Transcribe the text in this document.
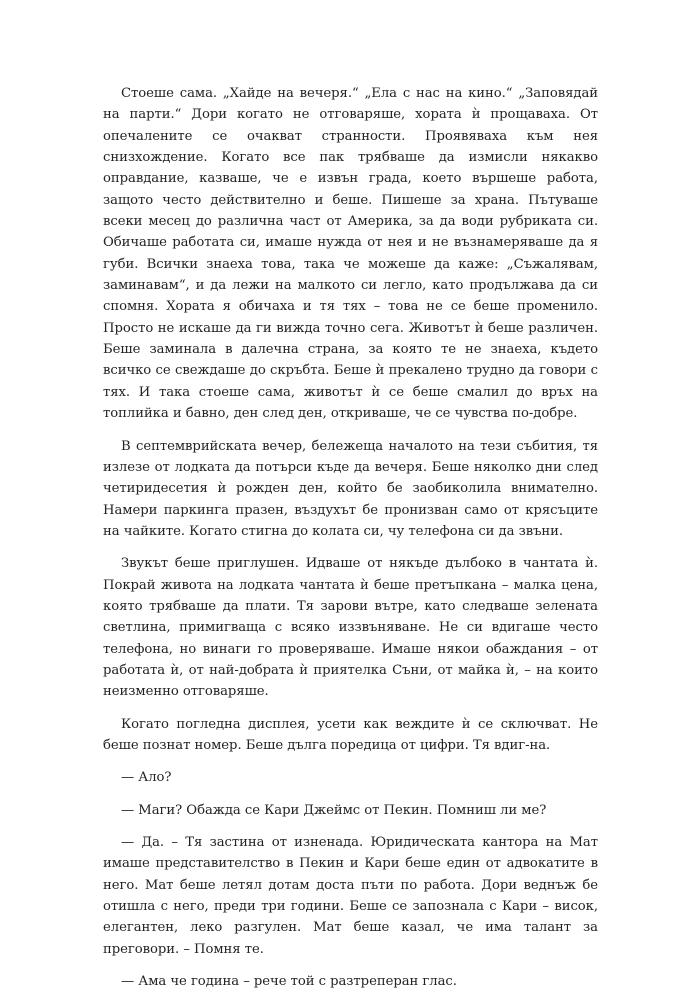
Стоеше сама. „Хайде на вечеря.“ „Ела с нас на кино.“ „Заповядай на парти.“ Дори когато не отговаряше, хората ѝ прощаваха. От опечалените се очакват странности. Проявяваха към нея снизхождение. Когато все пак трябваше да измисли някакво оправдание, казваше, че е извън града, което вършеше работа, защото често действително и беше. Пишеше за храна. Пътуваше всеки месец до различна част от Америка, за да води рубриката си. Обичаше работата си, имаше нужда от нея и не възнамеряваше да я губи. Всички знаеха това, така че можеше да каже: „Съжалявам, заминавам“, и да лежи на малкото си легло, като продължава да си спомня. Хората я обичаха и тя тях – това не се беше променило. Просто не искаше да ги вижда точно сега. Животът ѝ беше различен. Беше заминала в далечна страна, за която те не знаеха, където всичко се свеждаше до скръбта. Беше ѝ прекалено трудно да говори с тях. И така стоеше сама, животът ѝ се беше смалил до връх на топлийка и бавно, ден след ден, откриваше, че се чувства по-добре.

В септемврийската вечер, бележеща началото на тези събития, тя излезе от лодката да потърси къде да вечеря. Беше няколко дни след четиридесетия ѝ рожден ден, който бе заобиколила внимателно. Намери паркинга празен, въздухът бе пронизван само от крясъците на чайките. Когато стигна до колата си, чу телефона си да звъни.

Звукът беше приглушен. Идваше от някъде дълбоко в чантата ѝ. Покрай живота на лодката чантата ѝ беше претъпкана – малка цена, която трябваше да плати. Тя зарови вътре, като следваше зелената светлина, примигваща с всяко иззвъняване. Не си вдигаше често телефона, но винаги го проверяваше. Имаше някои обаждания – от работата ѝ, от най-добрата ѝ приятелка Съни, от майка ѝ, – на които неизменно отговаряше.

Когато погледна дисплея, усети как веждите ѝ се сключват. Не беше познат номер. Беше дълга поредица от цифри. Тя вдиг-на.

— Ало?

— Маги? Обажда се Кари Джеймс от Пекин. Помниш ли ме?

— Да. – Тя застина от изненада. Юридическата кантора на Мат имаше представителство в Пекин и Кари беше един от адвокатите в него. Мат беше летял дотам доста пъти по работа. Дори веднъж бе отишла с него, преди три години. Беше се запознала с Кари – висок, елегантен, леко разгулен. Мат беше казал, че има талант за преговори. – Помня те.

— Ама че година – рече той с разтреперан глас.
